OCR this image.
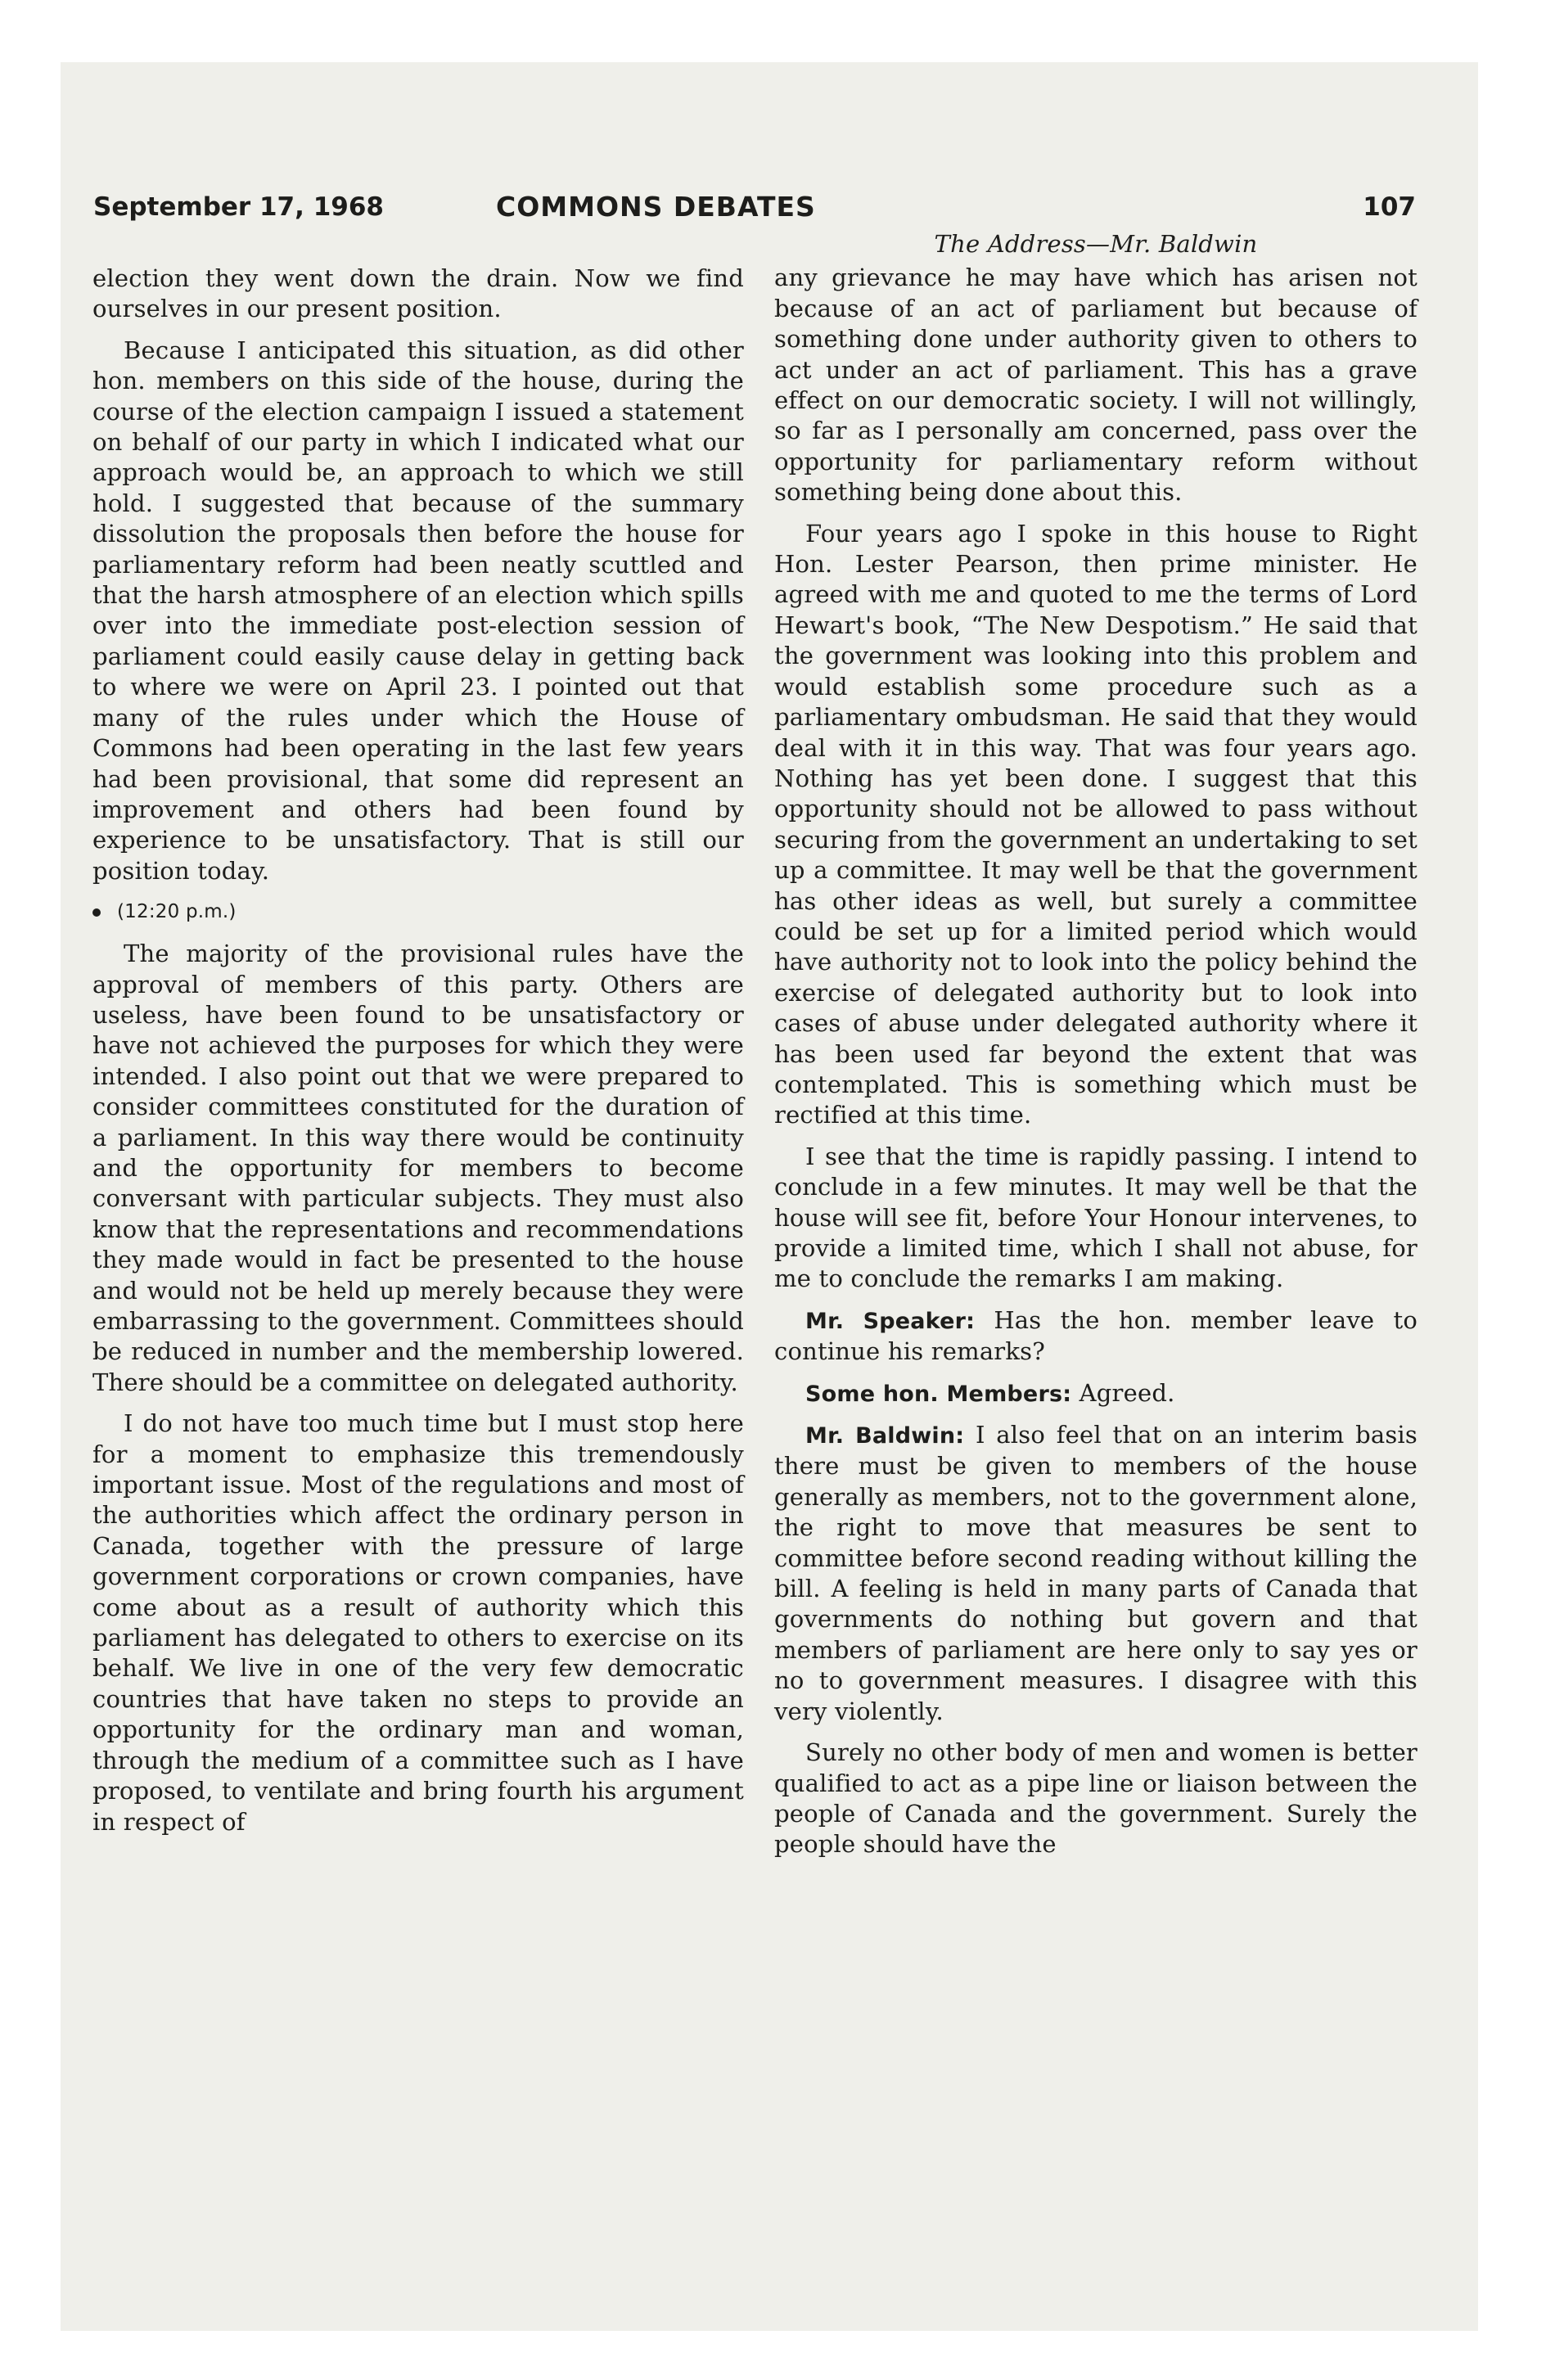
September 17, 1968	COMMONS DEBATES	107

election they went down the drain. Now we find ourselves in our present position.

Because I anticipated this situation, as did other hon. members on this side of the house, during the course of the election campaign I issued a statement on behalf of our party in which I indicated what our approach would be, an approach to which we still hold. I suggested that because of the summary dissolution the proposals then before the house for parliamentary reform had been neatly scuttled and that the harsh atmosphere of an election which spills over into the immediate post-election session of parliament could easily cause delay in getting back to where we were on April 23. I pointed out that many of the rules under which the House of Commons had been operating in the last few years had been provisional, that some did represent an improvement and others had been found by experience to be unsatisfactory. That is still our position today.

(12:20 p.m.)

The majority of the provisional rules have the approval of members of this party. Others are useless, have been found to be unsatisfactory or have not achieved the purposes for which they were intended. I also point out that we were prepared to consider committees constituted for the duration of a parliament. In this way there would be continuity and the opportunity for members to become conversant with particular subjects. They must also know that the representations and recommendations they made would in fact be presented to the house and would not be held up merely because they were embarrassing to the government. Committees should be reduced in number and the membership lowered. There should be a committee on delegated authority.

I do not have too much time but I must stop here for a moment to emphasize this tremendously important issue. Most of the regulations and most of the authorities which affect the ordinary person in Canada, together with the pressure of large government corporations or crown companies, have come about as a result of authority which this parliament has delegated to others to exercise on its behalf. We live in one of the very few democratic countries that have taken no steps to provide an opportunity for the ordinary man and woman, through the medium of a committee such as I have proposed, to ventilate and bring fourth his argument in respect of

The Address—Mr. Baldwin

any grievance he may have which has arisen not because of an act of parliament but because of something done under authority given to others to act under an act of parliament. This has a grave effect on our democratic society. I will not willingly, so far as I personally am concerned, pass over the opportunity for parliamentary reform without something being done about this.

Four years ago I spoke in this house to Right Hon. Lester Pearson, then prime minister. He agreed with me and quoted to me the terms of Lord Hewart's book, “The New Despotism.” He said that the government was looking into this problem and would establish some procedure such as a parliamentary ombudsman. He said that they would deal with it in this way. That was four years ago. Nothing has yet been done. I suggest that this opportunity should not be allowed to pass without securing from the government an undertaking to set up a committee. It may well be that the government has other ideas as well, but surely a committee could be set up for a limited period which would have authority not to look into the policy behind the exercise of delegated authority but to look into cases of abuse under delegated authority where it has been used far beyond the extent that was contemplated. This is something which must be rectified at this time.

I see that the time is rapidly passing. I intend to conclude in a few minutes. It may well be that the house will see fit, before Your Honour intervenes, to provide a limited time, which I shall not abuse, for me to conclude the remarks I am making.

Mr. Speaker: Has the hon. member leave to continue his remarks?

Some hon. Members: Agreed.

Mr. Baldwin: I also feel that on an interim basis there must be given to members of the house generally as members, not to the government alone, the right to move that measures be sent to committee before second reading without killing the bill. A feeling is held in many parts of Canada that governments do nothing but govern and that members of parliament are here only to say yes or no to government measures. I disagree with this very violently.

Surely no other body of men and women is better qualified to act as a pipe line or liaison between the people of Canada and the government. Surely the people should have the
